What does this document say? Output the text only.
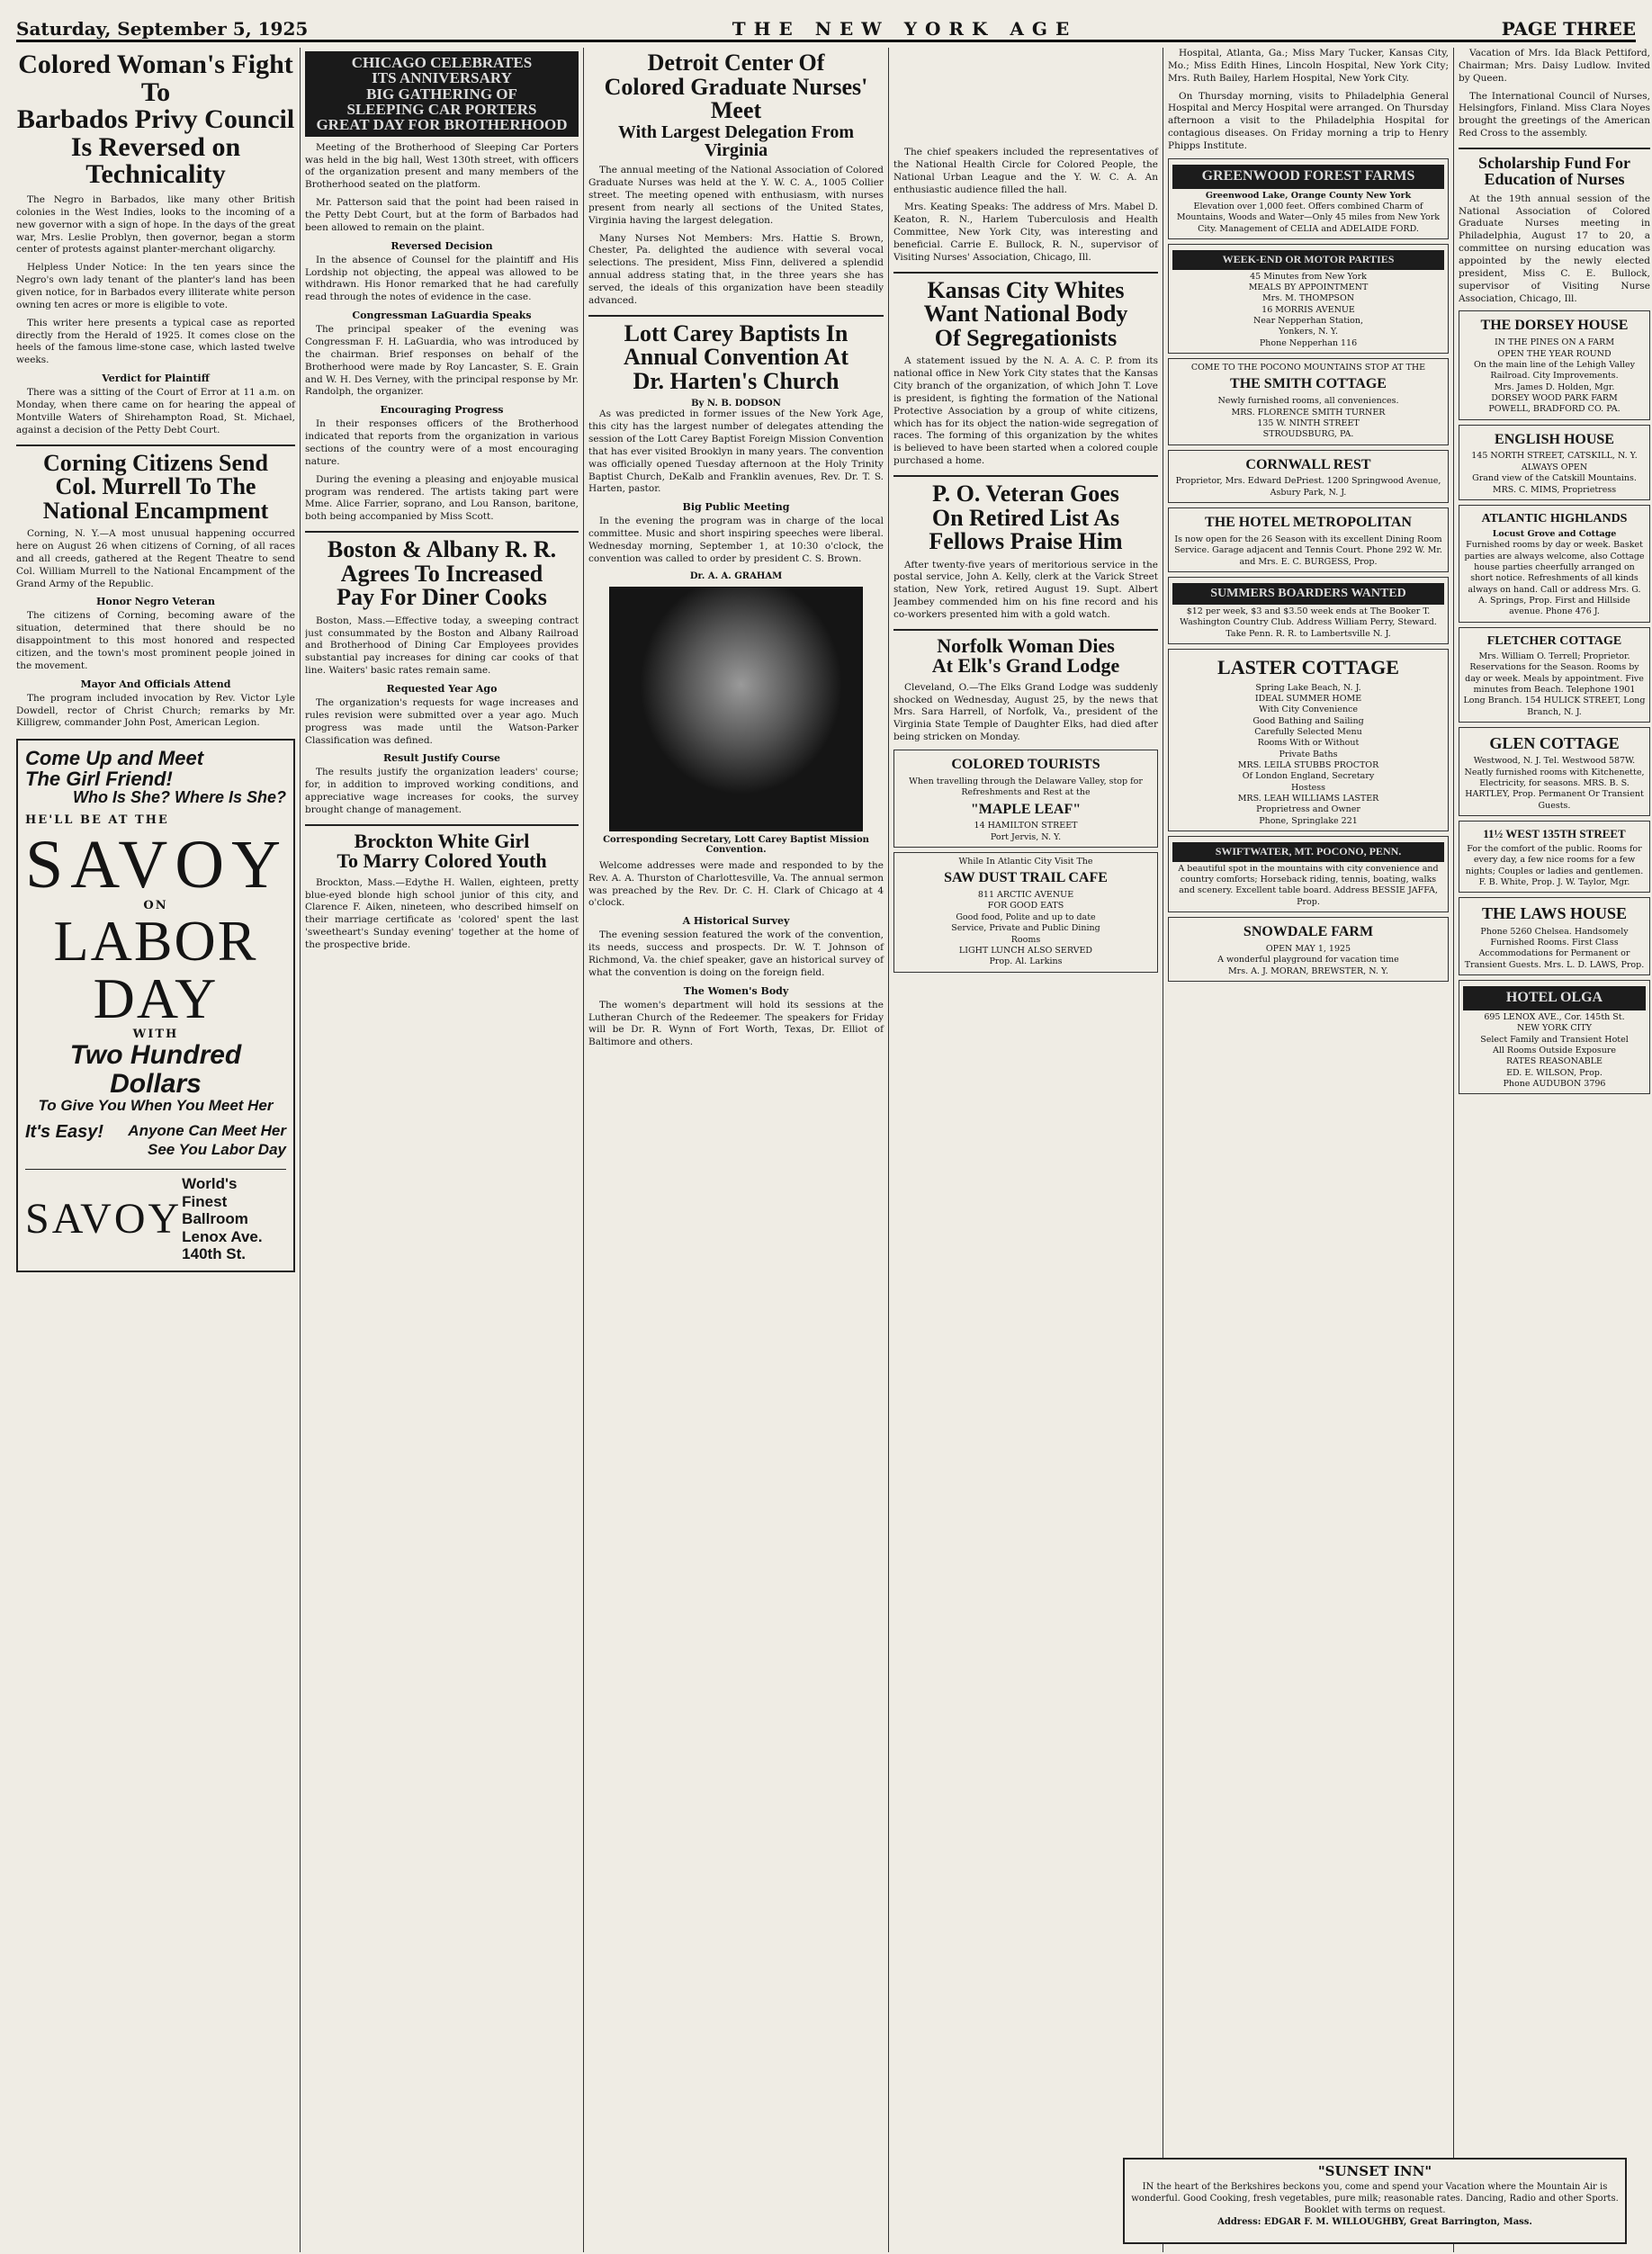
Saturday, September 5, 1925	THE NEW YORK AGE	PAGE THREE
Colored Woman's Fight To
Barbados Privy Council
Is Reversed on Technicality

The Negro in Barbados, like many other British colonies in the West Indies, looks to the incoming of a new governor with a sign of hope. In the days of the great war, Mrs. Leslie Problyn, then governor, began a storm center of protests against planter-merchant oligarchy.

Helpless Under Notice: In the ten years since the Negro's own lady tenant of the planter's land has been given notice, for in Barbados every illiterate white person owning ten acres or more is eligible to vote.

This writer here presents a typical case as reported directly from the Herald of 1925. It comes close on the heels of the famous lime-stone case, which lasted twelve weeks.

Verdict for Plaintiff

There was a sitting of the Court of Error at 11 a.m. on Monday, when there came on for hearing the appeal of Montville Waters of Shirehampton Road, St. Michael, against a decision of the Petty Debt Court.

Corning Citizens Send
Col. Murrell To The
National Encampment

Corning, N. Y.—A most unusual happening occurred here on August 26 when citizens of Corning, of all races and all creeds, gathered at the Regent Theatre to send Col. William Murrell to the National Encampment of the Grand Army of the Republic.

Honor Negro Veteran

The citizens of Corning, becoming aware of the situation, determined that there should be no disappointment to this most honored and respected citizen, and the town's most prominent people joined in the movement.

Mayor And Officials Attend

The program included invocation by Rev. Victor Lyle Dowdell, rector of Christ Church; remarks by Mr. Killigrew, commander John Post, American Legion.

Come Up and Meet
The Girl Friend!
Who Is She? Where Is She?
HE'LL BE AT THE
SAVOY
ON
LABOR DAY
WITH
Two Hundred Dollars
To Give You When You Meet Her
It's Easy! Anyone Can Meet Her
See You Labor Day
SAVOY
World's Finest Ballroom
Lenox Ave. 140th St.
CHICAGO CELEBRATES
ITS ANNIVERSARY
BIG GATHERING OF
SLEEPING CAR PORTERS
GREAT DAY FOR BROTHERHOOD

Meeting of the Brotherhood of Sleeping Car Porters was held in the big hall, West 130th street, with officers of the organization present and many members of the Brotherhood seated on the platform.

Mr. Patterson said that the point had been raised in the Petty Debt Court, but at the form of Barbados had been allowed to remain on the plaint.

Reversed Decision

In the absence of Counsel for the plaintiff and His Lordship not objecting, the appeal was allowed to be withdrawn. His Honor remarked that he had carefully read through the notes of evidence in the case.

Congressman LaGuardia Speaks

The principal speaker of the evening was Congressman F. H. LaGuardia, who was introduced by the chairman. Brief responses on behalf of the Brotherhood were made by Roy Lancaster, S. E. Grain and W. H. Des Verney, with the principal response by Mr. Randolph, the organizer.

Encouraging Progress

In their responses officers of the Brotherhood indicated that reports from the organization in various sections of the country were of a most encouraging nature.

During the evening a pleasing and enjoyable musical program was rendered. The artists taking part were Mme. Alice Farrier, soprano, and Lou Ranson, baritone, both being accompanied by Miss Scott.

Boston & Albany R. R.
Agrees To Increased
Pay For Diner Cooks

Boston, Mass.—Effective today, a sweeping contract just consummated by the Boston and Albany Railroad and Brotherhood of Dining Car Employees provides substantial pay increases for dining car cooks of that line. Waiters' basic rates remain same.

Requested Year Ago

The organization's requests for wage increases and rules revision were submitted over a year ago. Much progress was made until the Watson-Parker Classification was defined.

Result Justify Course

The results justify the organization leaders' course; for, in addition to improved working conditions, and appreciative wage increases for cooks, the survey brought change of management.

Brockton White Girl
To Marry Colored Youth

Brockton, Mass.—Edythe H. Wallen, eighteen, pretty blue-eyed blonde high school junior of this city, and Clarence F. Aiken, nineteen, who described himself on their marriage certificate as 'colored' spent the last 'sweetheart's Sunday evening' together at the home of the prospective bride.

Detroit Center Of
Colored Graduate Nurses'
Meet
With Largest Delegation From Virginia

The annual meeting of the National Association of Colored Graduate Nurses was held at the Y. W. C. A., 1005 Collier street. The meeting opened with enthusiasm, with nurses present from nearly all sections of the United States, Virginia having the largest delegation.

Many Nurses Not Members: Mrs. Hattie S. Brown, Chester, Pa. delighted the audience with several vocal selections. The president, Miss Finn, delivered a splendid annual address stating that, in the three years she has served, the ideals of this organization have been steadily advanced.

Lott Carey Baptists In
Annual Convention At
Dr. Harten's Church
By N. B. DODSON

As was predicted in former issues of the New York Age, this city has the largest number of delegates attending the session of the Lott Carey Baptist Foreign Mission Convention that has ever visited Brooklyn in many years. The convention was officially opened Tuesday afternoon at the Holy Trinity Baptist Church, DeKalb and Franklin avenues, Rev. Dr. T. S. Harten, pastor.

Big Public Meeting

In the evening the program was in charge of the local committee. Music and short inspiring speeches were liberal. Wednesday morning, September 1, at 10:30 o'clock, the convention was called to order by president C. S. Brown.

Dr. A. A. GRAHAM
Corresponding Secretary, Lott Carey Baptist Mission Convention.

Welcome addresses were made and responded to by the Rev. A. A. Thurston of Charlottesville, Va. The annual sermon was preached by the Rev. Dr. C. H. Clark of Chicago at 4 o'clock.

A Historical Survey

The evening session featured the work of the convention, its needs, success and prospects. Dr. W. T. Johnson of Richmond, Va. the chief speaker, gave an historical survey of what the convention is doing on the foreign field.

The Women's Body

The women's department will hold its sessions at the Lutheran Church of the Redeemer. The speakers for Friday will be Dr. R. Wynn of Fort Worth, Texas, Dr. Elliot of Baltimore and others.

The chief speakers included the representatives of the National Health Circle for Colored People, the National Urban League and the Y. W. C. A. An enthusiastic audience filled the hall.

Mrs. Keating Speaks: The address of Mrs. Mabel D. Keaton, R. N., Harlem Tuberculosis and Health Committee, New York City, was interesting and beneficial. Carrie E. Bullock, R. N., supervisor of Visiting Nurses' Association, Chicago, Ill.

Kansas City Whites
Want National Body
Of Segregationists

A statement issued by the N. A. A. C. P. from its national office in New York City states that the Kansas City branch of the organization, of which John T. Love is president, is fighting the formation of the National Protective Association by a group of white citizens, which has for its object the nation-wide segregation of races. The forming of this organization by the whites is believed to have been started when a colored couple purchased a home.

P. O. Veteran Goes
On Retired List As
Fellows Praise Him

After twenty-five years of meritorious service in the postal service, John A. Kelly, clerk at the Varick Street station, New York, retired August 19. Supt. Albert Jeambey commended him on his fine record and his co-workers presented him with a gold watch.

Norfolk Woman Dies
At Elk's Grand Lodge

Cleveland, O.—The Elks Grand Lodge was suddenly shocked on Wednesday, August 25, by the news that Mrs. Sara Harrell, of Norfolk, Va., president of the Virginia State Temple of Daughter Elks, had died after being stricken on Monday.

COLORED TOURISTS
When travelling through the Delaware Valley, stop for Refreshments and Rest at the
"MAPLE LEAF"
14 HAMILTON STREET
Port Jervis, N. Y.
While In Atlantic City Visit The
SAW DUST TRAIL CAFE
811 ARCTIC AVENUE
FOR GOOD EATS
Good food, Polite and up to date
Service, Private and Public Dining
Rooms
LIGHT LUNCH ALSO SERVED
Prop. Al. Larkins

Hospital, Atlanta, Ga.; Miss Mary Tucker, Kansas City, Mo.; Miss Edith Hines, Lincoln Hospital, New York City; Mrs. Ruth Bailey, Harlem Hospital, New York City.

On Thursday morning, visits to Philadelphia General Hospital and Mercy Hospital were arranged. On Thursday afternoon a visit to the Philadelphia Hospital for contagious diseases. On Friday morning a trip to Henry Phipps Institute.

GREENWOOD FOREST FARMS
Greenwood Lake, Orange County New York
Elevation over 1,000 feet. Offers combined Charm of Mountains, Woods and Water—Only 45 miles from New York City. Management of CELIA and ADELAIDE FORD.
WEEK-END OR MOTOR PARTIES
45 Minutes from New York
MEALS BY APPOINTMENT
Mrs. M. THOMPSON
16 MORRIS AVENUE
Near Nepperhan Station,
Yonkers, N. Y.
Phone Nepperhan 116
COME TO THE POCONO MOUNTAINS STOP AT THE
THE SMITH COTTAGE
Newly furnished rooms, all conveniences.
MRS. FLORENCE SMITH TURNER
135 W. NINTH STREET
STROUDSBURG, PA.
CORNWALL REST
Proprietor, Mrs. Edward DePriest. 1200 Springwood Avenue, Asbury Park, N. J.
THE HOTEL METROPOLITAN
Is now open for the 26 Season with its excellent Dining Room Service. Garage adjacent and Tennis Court. Phone 292 W. Mr. and Mrs. E. C. BURGESS, Prop.
SUMMERS BOARDERS WANTED
$12 per week, $3 and $3.50 week ends at The Booker T. Washington Country Club. Address William Perry, Steward. Take Penn. R. R. to Lambertsville N. J.
LASTER COTTAGE
Spring Lake Beach, N. J.
IDEAL SUMMER HOME
With City Convenience
Good Bathing and Sailing
Carefully Selected Menu
Rooms With or Without
Private Baths
MRS. LEILA STUBBS PROCTOR
Of London England, Secretary
Hostess
MRS. LEAH WILLIAMS LASTER
Proprietress and Owner
Phone, Springlake 221
SWIFTWATER, MT. POCONO, PENN.
A beautiful spot in the mountains with city convenience and country comforts; Horseback riding, tennis, boating, walks and scenery. Excellent table board. Address BESSIE JAFFA, Prop.
SNOWDALE FARM
OPEN MAY 1, 1925
A wonderful playground for vacation time
Mrs. A. J. MORAN, BREWSTER, N. Y.

Vacation of Mrs. Ida Black Pettiford, Chairman; Mrs. Daisy Ludlow. Invited by Queen.

The International Council of Nurses, Helsingfors, Finland. Miss Clara Noyes brought the greetings of the American Red Cross to the assembly.

Scholarship Fund For
Education of Nurses

At the 19th annual session of the National Association of Colored Graduate Nurses meeting in Philadelphia, August 17 to 20, a committee on nursing education was appointed by the newly elected president, Miss C. E. Bullock, supervisor of Visiting Nurse Association, Chicago, Ill.

THE DORSEY HOUSE
IN THE PINES ON A FARM
OPEN THE YEAR ROUND
On the main line of the Lehigh Valley Railroad. City Improvements.
Mrs. James D. Holden, Mgr.
DORSEY WOOD PARK FARM
POWELL, BRADFORD CO. PA.
ENGLISH HOUSE
145 NORTH STREET, CATSKILL, N. Y.
ALWAYS OPEN
Grand view of the Catskill Mountains.
MRS. C. MIMS, Proprietress
ATLANTIC HIGHLANDS
Locust Grove and Cottage
Furnished rooms by day or week. Basket parties are always welcome, also Cottage house parties cheerfully arranged on short notice. Refreshments of all kinds always on hand. Call or address Mrs. G. A. Springs, Prop. First and Hillside avenue. Phone 476 J.
FLETCHER COTTAGE
Mrs. William O. Terrell; Proprietor. Reservations for the Season. Rooms by day or week. Meals by appointment. Five minutes from Beach. Telephone 1901 Long Branch. 154 HULICK STREET, Long Branch, N. J.
GLEN COTTAGE
Westwood, N. J. Tel. Westwood 587W. Neatly furnished rooms with Kitchenette, Electricity, for seasons. MRS. B. S. HARTLEY, Prop. Permanent Or Transient Guests.
11½ WEST 135TH STREET
For the comfort of the public. Rooms for every day, a few nice rooms for a few nights; Couples or ladies and gentlemen. F. B. White, Prop. J. W. Taylor, Mgr.
THE LAWS HOUSE
Phone 5260 Chelsea. Handsomely Furnished Rooms. First Class Accommodations for Permanent or Transient Guests. Mrs. L. D. LAWS, Prop.
HOTEL OLGA
695 LENOX AVE., Cor. 145th St.
NEW YORK CITY
Select Family and Transient Hotel
All Rooms Outside Exposure
RATES REASONABLE
ED. E. WILSON, Prop.
Phone AUDUBON 3796
"SUNSET INN"
IN the heart of the Berkshires beckons you, come and spend your Vacation where the Mountain Air is wonderful. Good Cooking, fresh vegetables, pure milk; reasonable rates. Dancing, Radio and other Sports. Booklet with terms on request.
Address: EDGAR F. M. WILLOUGHBY, Great Barrington, Mass.
